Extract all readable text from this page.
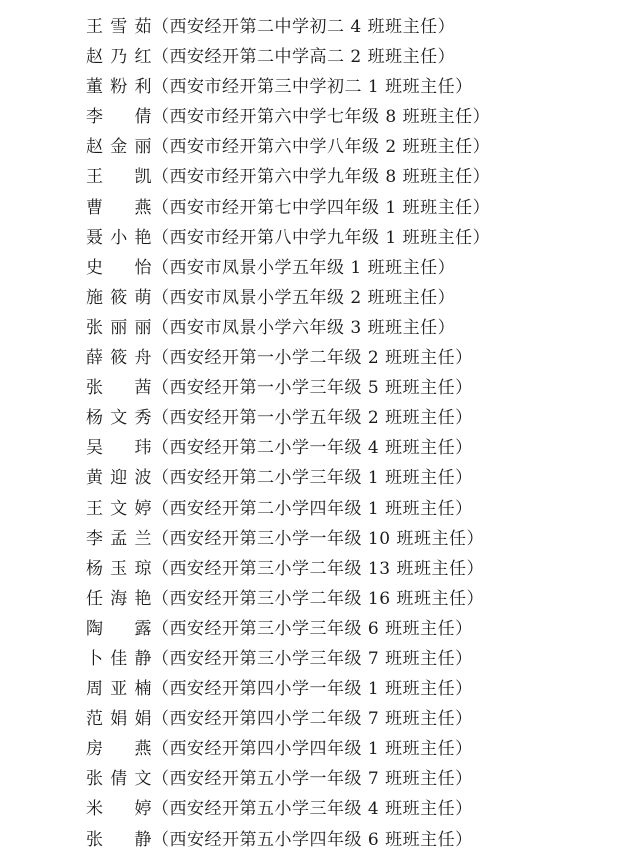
王雪茹（西安经开第二中学初二 4 班班主任）
赵乃红（西安经开第二中学高二 2 班班主任）
董粉利（西安市经开第三中学初二 1 班班主任）
李 倩（西安市经开第六中学七年级 8 班班主任）
赵金丽（西安市经开第六中学八年级 2 班班主任）
王 凯（西安市经开第六中学九年级 8 班班主任）
曹 燕（西安市经开第七中学四年级 1 班班主任）
聂小艳（西安市经开第八中学九年级 1 班班主任）
史 怡（西安市凤景小学五年级 1 班班主任）
施筱萌（西安市凤景小学五年级 2 班班主任）
张丽丽（西安市凤景小学六年级 3 班班主任）
薛筱舟（西安经开第一小学二年级 2 班班主任）
张 茜（西安经开第一小学三年级 5 班班主任）
杨文秀（西安经开第一小学五年级 2 班班主任）
吴 玮（西安经开第二小学一年级 4 班班主任）
黄迎波（西安经开第二小学三年级 1 班班主任）
王文婷（西安经开第二小学四年级 1 班班主任）
李孟兰（西安经开第三小学一年级 10 班班主任）
杨玉琼（西安经开第三小学二年级 13 班班主任）
任海艳（西安经开第三小学二年级 16 班班主任）
陶 露（西安经开第三小学三年级 6 班班主任）
卜佳静（西安经开第三小学三年级 7 班班主任）
周亚楠（西安经开第四小学一年级 1 班班主任）
范娟娟（西安经开第四小学二年级 7 班班主任）
房 燕（西安经开第四小学四年级 1 班班主任）
张倩文（西安经开第五小学一年级 7 班班主任）
米 婷（西安经开第五小学三年级 4 班班主任）
张 静（西安经开第五小学四年级 6 班班主任）
